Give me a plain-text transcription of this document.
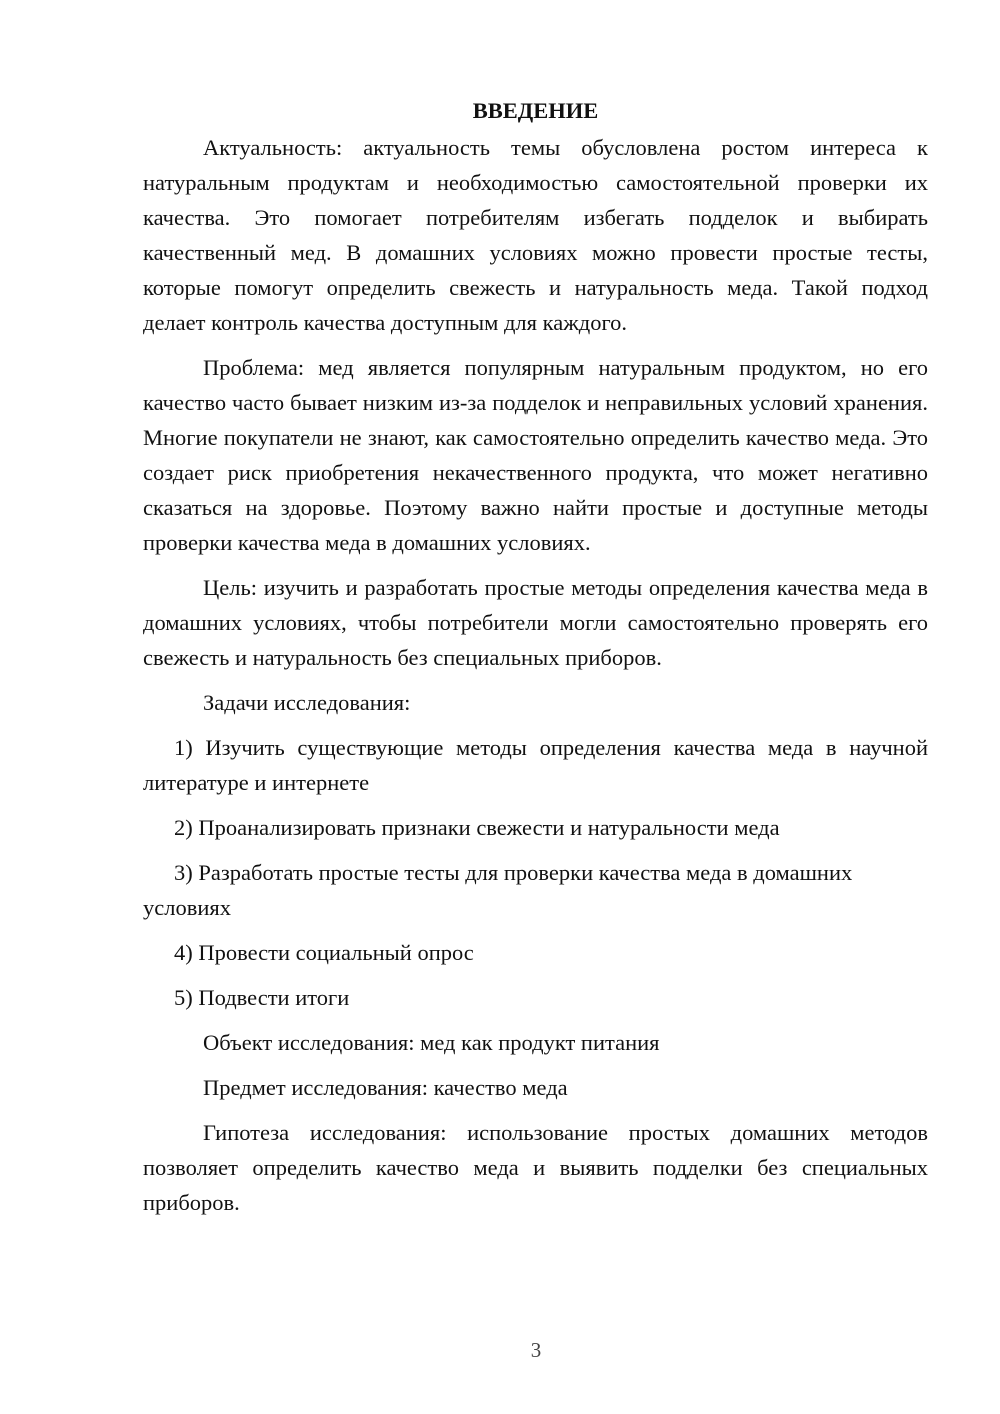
ВВЕДЕНИЕ

Актуальность: актуальность темы обусловлена ростом интереса к натуральным продуктам и необходимостью самостоятельной проверки их качества. Это помогает потребителям избегать подделок и выбирать качественный мед. В домашних условиях можно провести простые тесты, которые помогут определить свежесть и натуральность меда. Такой подход делает контроль качества доступным для каждого.

Проблема: мед является популярным натуральным продуктом, но его качество часто бывает низким из-за подделок и неправильных условий хранения. Многие покупатели не знают, как самостоятельно определить качество меда. Это создает риск приобретения некачественного продукта, что может негативно сказаться на здоровье. Поэтому важно найти простые и доступные методы проверки качества меда в домашних условиях.

Цель: изучить и разработать простые методы определения качества меда в домашних условиях, чтобы потребители могли самостоятельно проверять его свежесть и натуральность без специальных приборов.

Задачи исследования:

1) Изучить существующие методы определения качества меда в научной литературе и интернете

2) Проанализировать признаки свежести и натуральности меда

3) Разработать простые тесты для проверки качества меда в домашних условиях

4) Провести социальный опрос

5) Подвести итоги

Объект исследования: мед как продукт питания

Предмет исследования: качество меда

Гипотеза исследования: использование простых домашних методов позволяет определить качество меда и выявить подделки без специальных приборов.

3
